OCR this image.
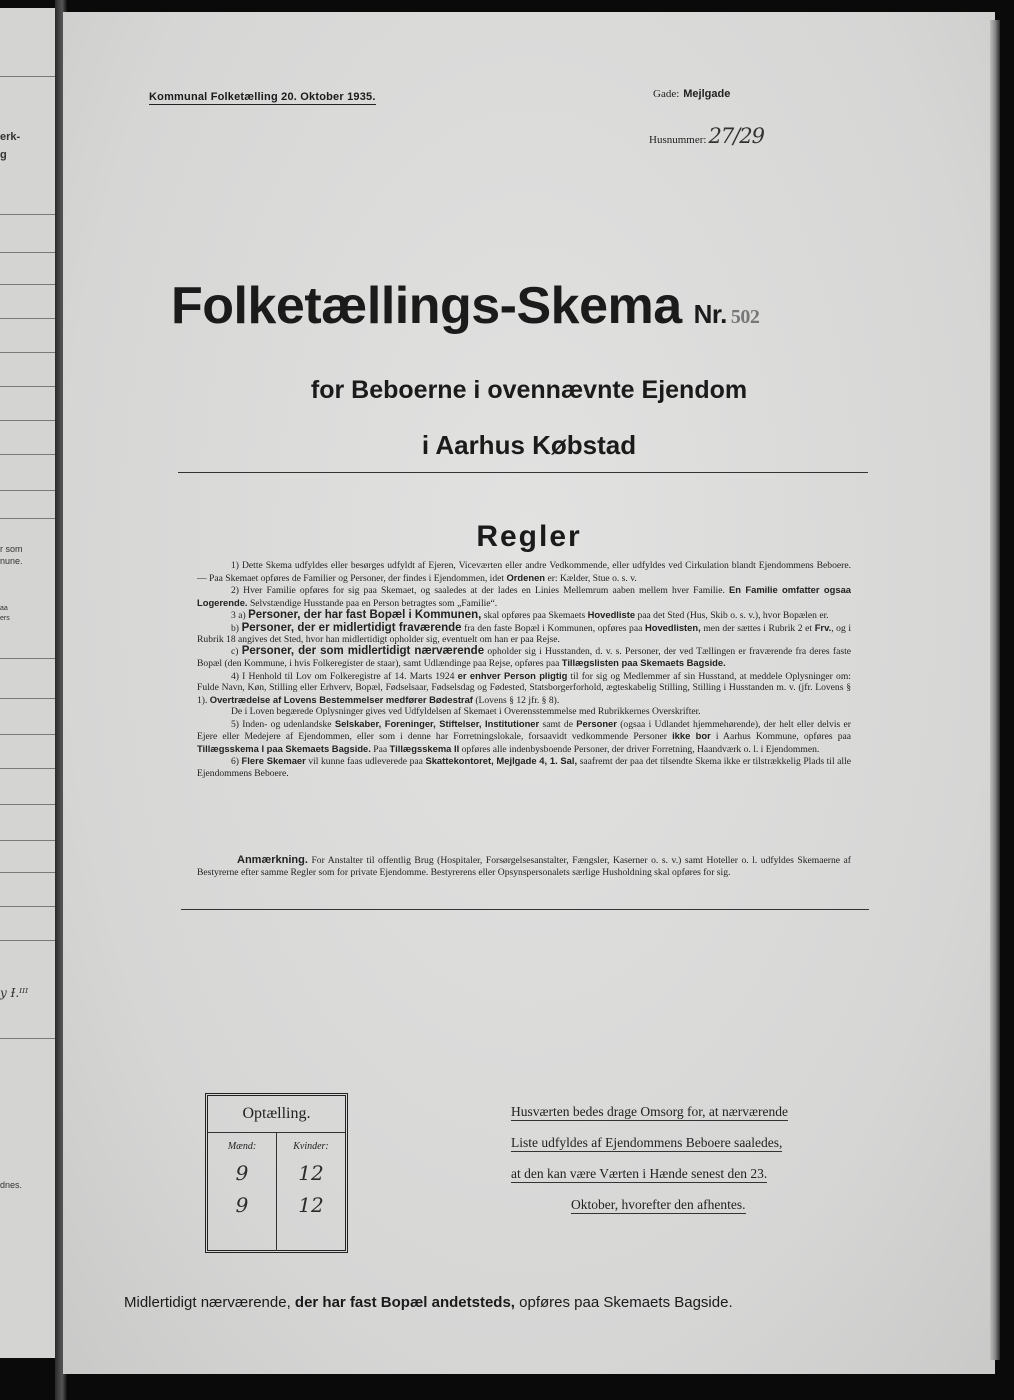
erk-
g
r som
nune.
aa
ers
y Ɨ.ᴵᴵᴵ
dnes.
Kommunal Folketælling 20. Oktober 1935.	Gade: Mejlgade
Husnummer:27/29
Folketællings-Skema Nr. 502
for Beboerne i ovennævnte Ejendom
i Aarhus Købstad
Regler

1) Dette Skema udfyldes eller besørges udfyldt af Ejeren, Viceværten eller andre Vedkommende, eller udfyldes ved Cirkulation blandt Ejendommens Beboere. — Paa Skemaet opføres de Familier og Personer, der findes i Ejendommen, idet Ordenen er: Kælder, Stue o. s. v.

2) Hver Familie opføres for sig paa Skemaet, og saaledes at der lades en Linies Mellemrum aaben mellem hver Familie. En Familie omfatter ogsaa Logerende. Selvstændige Husstande paa en Person betragtes som „Familie“.

3 a) Personer, der har fast Bopæl i Kommunen, skal opføres paa Skemaets Hovedliste paa det Sted (Hus, Skib o. s. v.), hvor Bopælen er.

b) Personer, der er midlertidigt fraværende fra den faste Bopæl i Kommunen, opføres paa Hovedlisten, men der sættes i Rubrik 2 et Frv., og i Rubrik 18 angives det Sted, hvor han midlertidigt opholder sig, eventuelt om han er paa Rejse.

c) Personer, der som midlertidigt nærværende opholder sig i Husstanden, d. v. s. Personer, der ved Tællingen er fraværende fra deres faste Bopæl (den Kommune, i hvis Folkeregister de staar), samt Udlændinge paa Rejse, opføres paa Tillægslisten paa Skemaets Bagside.

4) I Henhold til Lov om Folkeregistre af 14. Marts 1924 er enhver Person pligtig til for sig og Medlemmer af sin Husstand, at meddele Oplysninger om: Fulde Navn, Køn, Stilling eller Erhverv, Bopæl, Fødselsaar, Fødselsdag og Fødested, Statsborgerforhold, ægteskabelig Stilling, Stilling i Husstanden m. v. (jfr. Lovens § 1). Overtrædelse af Lovens Bestemmelser medfører Bødestraf (Lovens § 12 jfr. § 8).

De i Loven begærede Oplysninger gives ved Udfyldelsen af Skemaet i Overensstemmelse med Rubrikkernes Overskrifter.

5) Inden- og udenlandske Selskaber, Foreninger, Stiftelser, Institutioner samt de Personer (ogsaa i Udlandet hjemmehørende), der helt eller delvis er Ejere eller Medejere af Ejendommen, eller som i denne har Forretningslokale, forsaavidt vedkommende Personer ikke bor i Aarhus Kommune, opføres paa Tillægsskema I paa Skemaets Bagside. Paa Tillægsskema II opføres alle indenbysboende Personer, der driver Forretning, Haandværk o. l. i Ejendommen.

6) Flere Skemaer vil kunne faas udleverede paa Skattekontoret, Mejlgade 4, 1. Sal, saafremt der paa det tilsendte Skema ikke er tilstrækkelig Plads til alle Ejendommens Beboere.

Anmærkning. For Anstalter til offentlig Brug (Hospitaler, Forsørgelsesanstalter, Fængsler, Kaserner o. s. v.) samt Hoteller o. l. udfyldes Skemaerne af Bestyrerne efter samme Regler som for private Ejendomme. Bestyrerens eller Opsynspersonalets særlige Husholdning skal opføres for sig.
Optælling.
Mænd:
9
9
Kvinder:
12
12
Husværten bedes drage Omsorg for, at nærværende Liste udfyldes af Ejendommens Beboere saaledes, at den kan være Værten i Hænde senest den 23. Oktober, hvorefter den afhentes.
Midlertidigt nærværende, der har fast Bopæl andetsteds, opføres paa Skemaets Bagside.
